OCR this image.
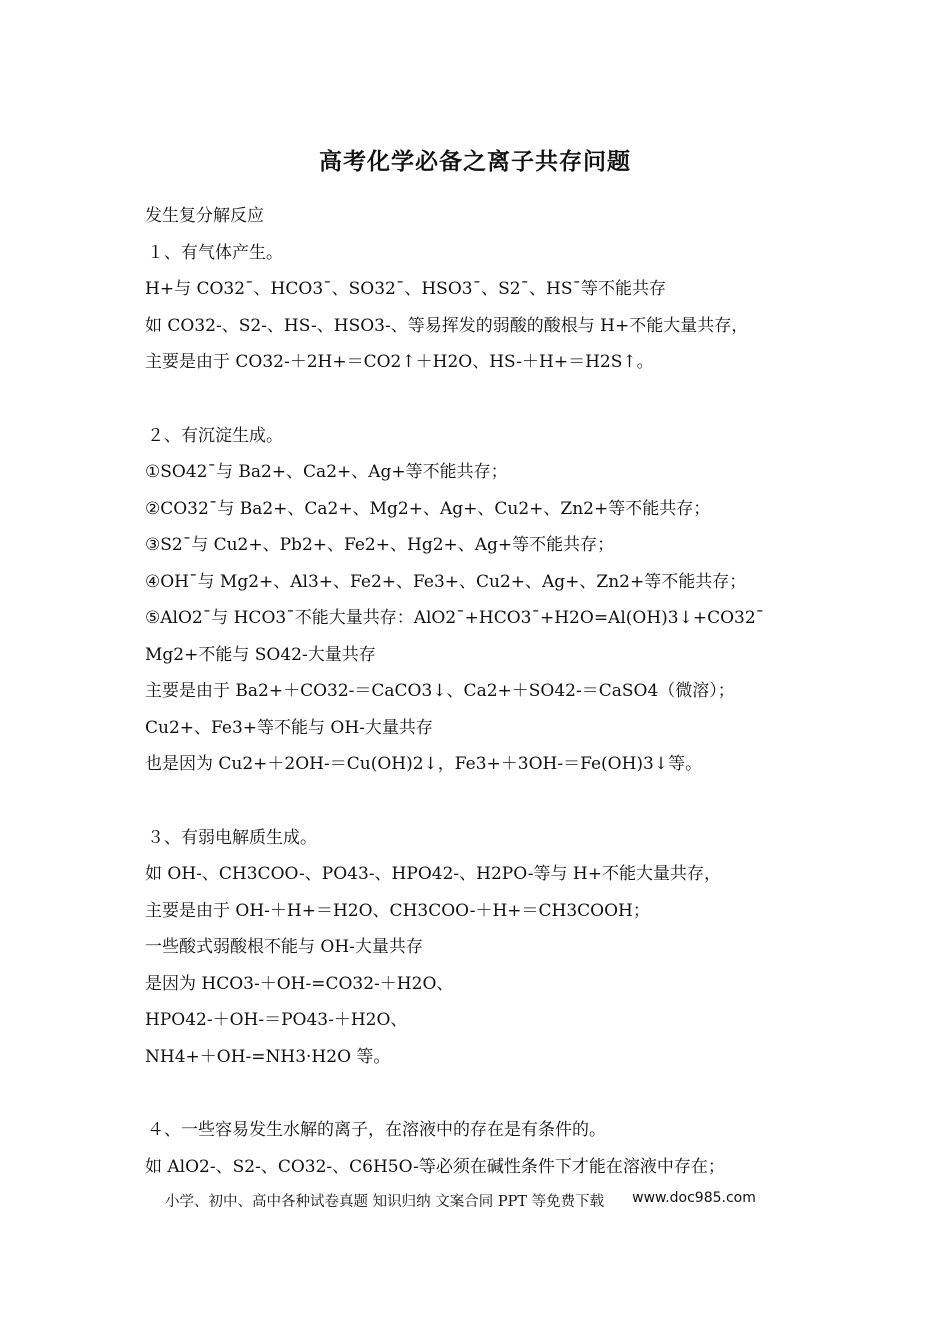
高考化学必备之离子共存问题
发生复分解反应
１、有气体产生。
H+与 CO32ˉ、HCO3ˉ、SO32ˉ、HSO3ˉ、S2ˉ、HSˉ等不能共存
如 CO32-、S2-、HS-、HSO3-、等易挥发的弱酸的酸根与 H+不能大量共存，
主要是由于 CO32-＋2H+＝CO2↑＋H2O、HS-＋H+＝H2S↑。
２、有沉淀生成。
①SO42ˉ与 Ba2+、Ca2+、Ag+等不能共存；
②CO32ˉ与 Ba2+、Ca2+、Mg2+、Ag+、Cu2+、Zn2+等不能共存；
③S2ˉ与 Cu2+、Pb2+、Fe2+、Hg2+、Ag+等不能共存；
④OHˉ与 Mg2+、Al3+、Fe2+、Fe3+、Cu2+、Ag+、Zn2+等不能共存；
⑤AlO2ˉ与 HCO3ˉ不能大量共存：AlO2ˉ+HCO3ˉ+H2O=Al(OH)3↓+CO32ˉ
Mg2+不能与 SO42-大量共存
主要是由于 Ba2+＋CO32-＝CaCO3↓、Ca2+＋SO42-＝CaSO4（微溶）；
Cu2+、Fe3+等不能与 OH-大量共存
也是因为 Cu2+＋2OH-＝Cu(OH)2↓，Fe3+＋3OH-＝Fe(OH)3↓等。
３、有弱电解质生成。
如 OH-、CH3COO-、PO43-、HPO42-、H2PO-等与 H+不能大量共存，
主要是由于 OH-＋H+＝H2O、CH3COO-＋H+＝CH3COOH；
一些酸式弱酸根不能与 OH-大量共存
是因为 HCO3-＋OH-=CO32-＋H2O、
HPO42-＋OH-＝PO43-＋H2O、
NH4+＋OH-=NH3·H2O 等。
４、一些容易发生水解的离子，在溶液中的存在是有条件的。
如 AlO2-、S2-、CO32-、C6H5O-等必须在碱性条件下才能在溶液中存在；
小学、初中、高中各种试卷真题 知识归纳 文案合同 PPT 等免费下载 www.doc985.com
